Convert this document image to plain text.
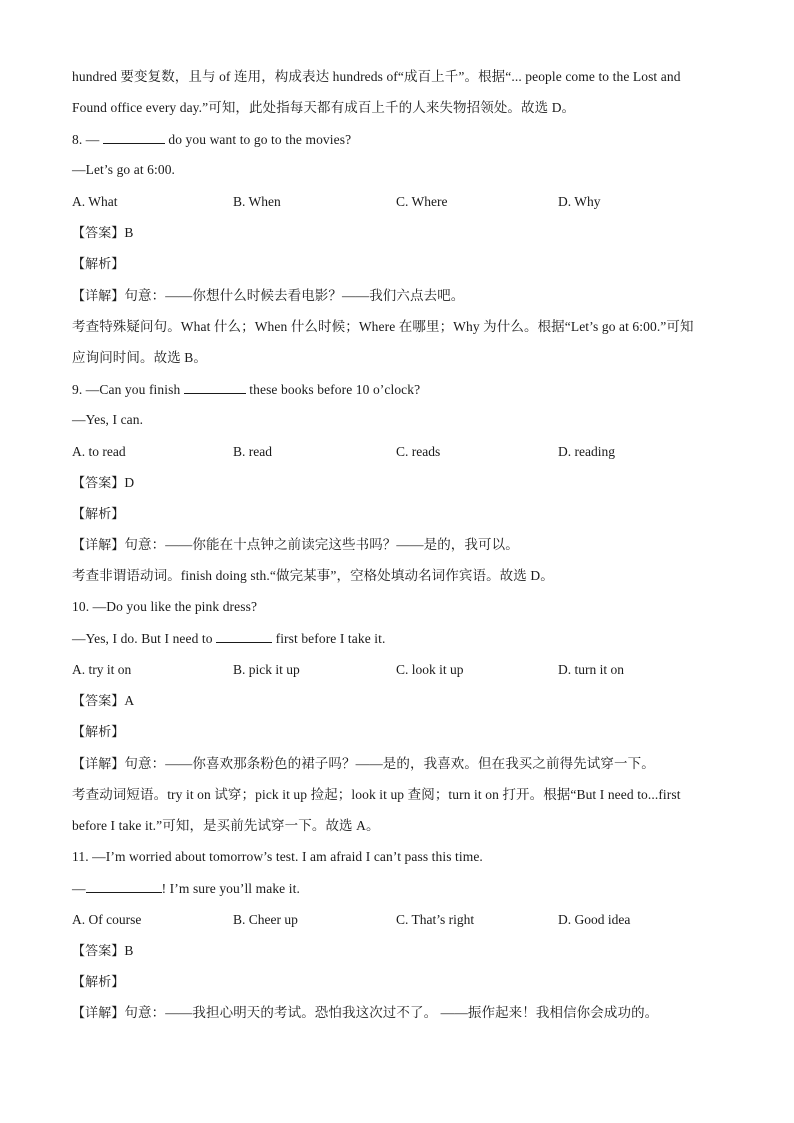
hundred 要变复数，且与 of 连用，构成表达 hundreds of“成百上千”。根据“... people come to the Lost and
Found office every day.”可知，此处指每天都有成百上千的人来失物招领处。故选 D。
8. —	do you want to go to the movies?
—Let’s go at 6:00.
A. What	B. When	C. Where	D. Why
【答案】B
【解析】
【详解】句意：——你想什么时候去看电影？——我们六点去吧。
考查特殊疑问句。What 什么；When 什么时候；Where 在哪里；Why 为什么。根据“Let’s go at 6:00.”可知
应询问时间。故选 B。
9. —Can you finish	these books before 10 o’clock?
—Yes, I can.
A. to read	B. read	C. reads	D. reading
【答案】D
【解析】
【详解】句意：——你能在十点钟之前读完这些书吗？——是的，我可以。
考查非谓语动词。finish doing sth.“做完某事”，空格处填动名词作宾语。故选 D。
10. —Do you like the pink dress?
—Yes, I do. But I need to	first before I take it.
A. try it on	B. pick it up	C. look it up	D. turn it on
【答案】A
【解析】
【详解】句意：——你喜欢那条粉色的裙子吗？——是的，我喜欢。但在我买之前得先试穿一下。
考查动词短语。try it on 试穿；pick it up 捡起；look it up 查阅；turn it on 打开。根据“But I need to...first
before I take it.”可知，是买前先试穿一下。故选 A。
11. —I’m worried about tomorrow’s test. I am afraid I can’t pass this time.
—	! I’m sure you’ll make it.
A. Of course	B. Cheer up	C. That’s right	D. Good idea
【答案】B
【解析】
【详解】句意：——我担心明天的考试。恐怕我这次过不了。 ——振作起来！我相信你会成功的。
